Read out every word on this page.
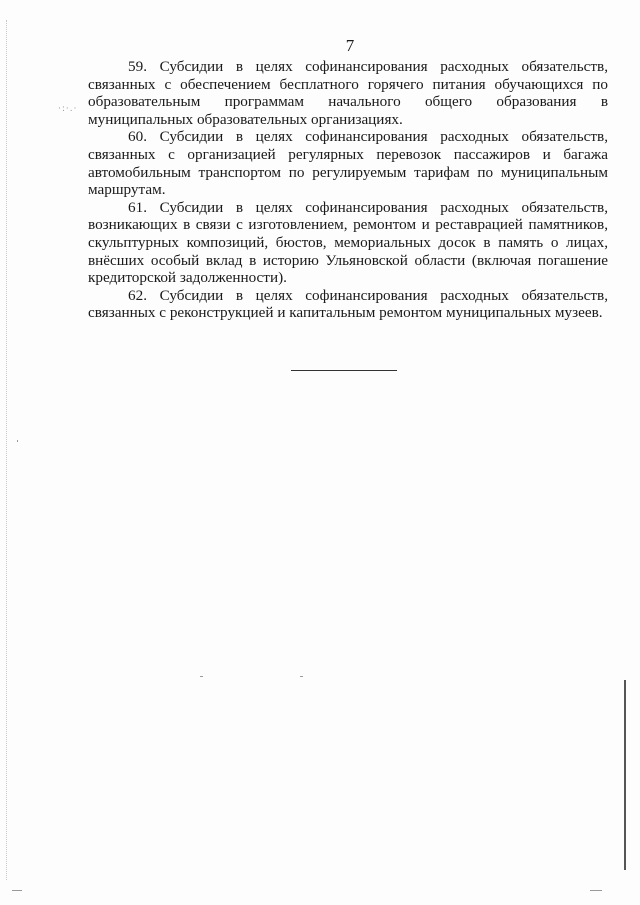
·:·.·
7

59. Субсидии в целях софинансирования расходных обязательств, связанных с обеспечением бесплатного горячего питания обучающихся по образовательным программам начального общего образования в муниципальных образовательных организациях.

60. Субсидии в целях софинансирования расходных обязательств, связанных с организацией регулярных перевозок пассажиров и багажа автомобильным транспортом по регулируемым тарифам по муниципальным маршрутам.

61. Субсидии в целях софинансирования расходных обязательств, возникающих в связи с изготовлением, ремонтом и реставрацией памятников, скульптурных композиций, бюстов, мемориальных досок в память о лицах, внёсших особый вклад в историю Ульяновской области (включая погашение кредиторской задолженности).

62. Субсидии в целях софинансирования расходных обязательств, связанных с реконструкцией и капитальным ремонтом муниципальных музеев.
